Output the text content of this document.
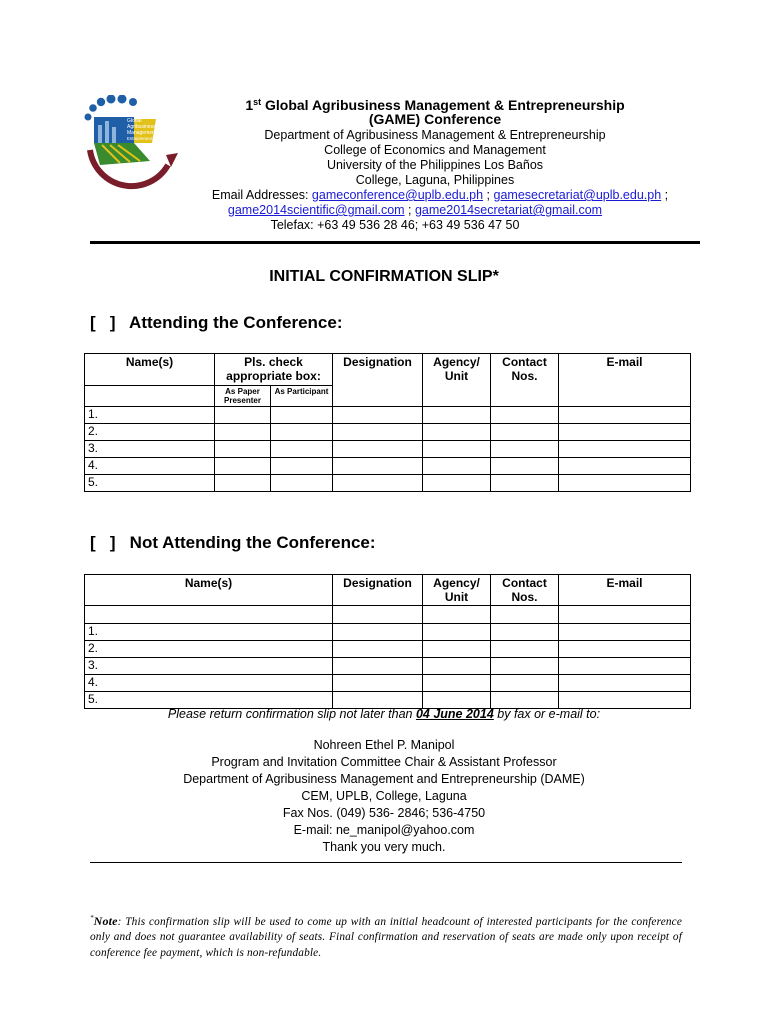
Global
Agribusiness
Management &
Entrepreneurship Conference
1st Global Agribusiness Management & Entrepreneurship
(GAME) Conference
Department of Agribusiness Management & Entrepreneurship
College of Economics and Management
University of the Philippines Los Baños
College, Laguna, Philippines
Email Addresses: gameconference@uplb.edu.ph ; gamesecretariat@uplb.edu.ph ;
game2014scientific@gmail.com ; game2014secretariat@gmail.com
Telefax: +63 49 536 28 46; +63 49 536 47 50
INITIAL CONFIRMATION SLIP*
[   ] Attending the Conference:
Name(s)	Pls. check appropriate box:		Designation	Agency/ Unit	Contact Nos.	E-mail
	As Paper Presenter	As Participant				
1.						
2.						
3.						
4.						
5.						
[   ] Not Attending the Conference:
Name(s)	Designation	Agency/ Unit	Contact Nos.	E-mail

1.				
2.				
3.				
4.				
5.				
Please return confirmation slip not later than 04 June 2014 by fax or e-mail to:
Nohreen Ethel P. Manipol
Program and Invitation Committee Chair & Assistant Professor
Department of Agribusiness Management and Entrepreneurship (DAME)
CEM, UPLB, College, Laguna
Fax Nos. (049) 536- 2846; 536-4750
E-mail: ne_manipol@yahoo.com
Thank you very much.
*Note: This confirmation slip will be used to come up with an initial headcount of interested participants for the conference only and does not guarantee availability of seats. Final confirmation and reservation of seats are made only upon receipt of conference fee payment, which is non-refundable.
